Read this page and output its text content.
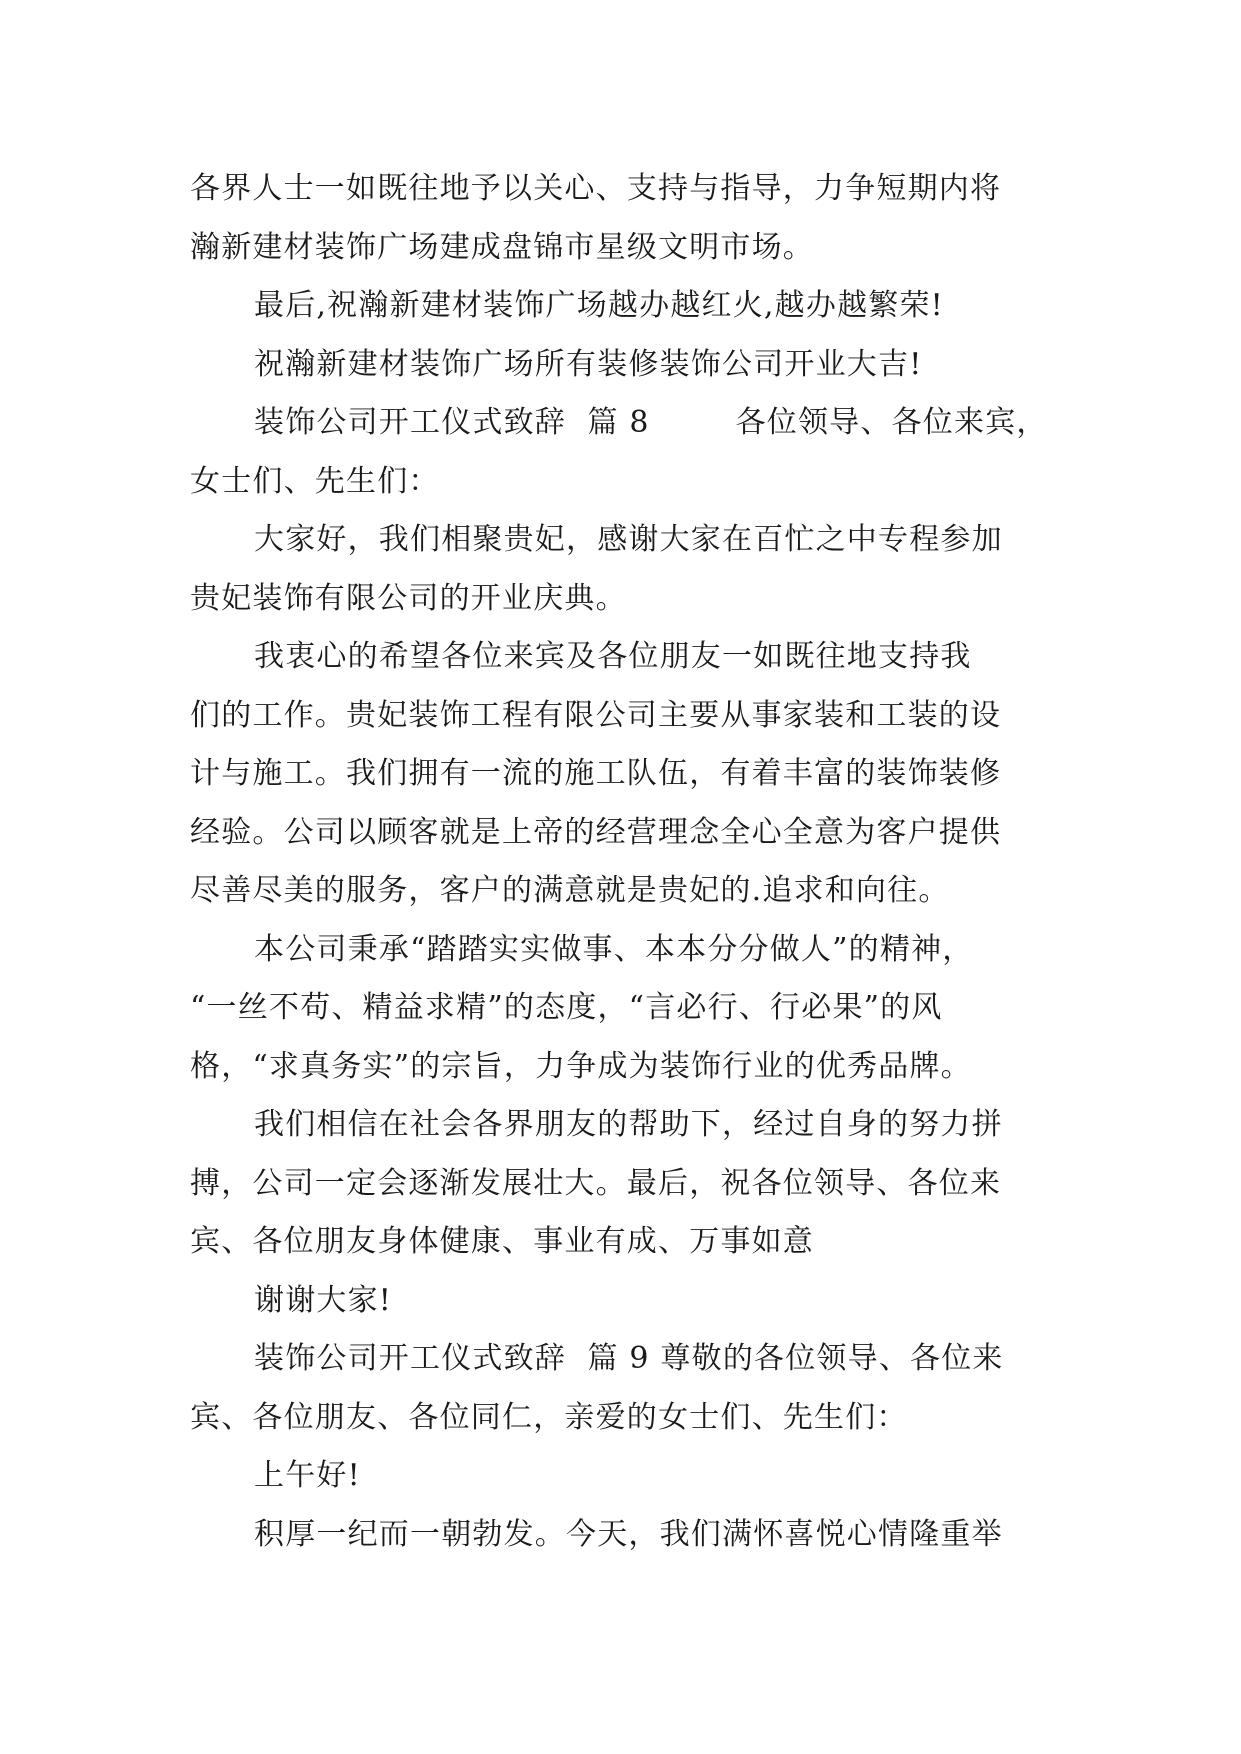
各界人士一如既往地予以关心、支持与指导，力争短期内将
瀚新建材装饰广场建成盘锦市星级文明市场。
最后,祝瀚新建材装饰广场越办越红火,越办越繁荣!
祝瀚新建材装饰广场所有装修装饰公司开业大吉!
装饰公司开工仪式致辞  篇 8        各位领导、各位来宾，
女士们、先生们：
大家好，我们相聚贵妃，感谢大家在百忙之中专程参加
贵妃装饰有限公司的开业庆典。
我衷心的希望各位来宾及各位朋友一如既往地支持我
们的工作。贵妃装饰工程有限公司主要从事家装和工装的设
计与施工。我们拥有一流的施工队伍，有着丰富的装饰装修
经验。公司以顾客就是上帝的经营理念全心全意为客户提供
尽善尽美的服务，客户的满意就是贵妃的.追求和向往。
本公司秉承“踏踏实实做事、本本分分做人”的精神，
“一丝不苟、精益求精”的态度，“言必行、行必果”的风
格，“求真务实”的宗旨，力争成为装饰行业的优秀品牌。
我们相信在社会各界朋友的帮助下，经过自身的努力拼
搏，公司一定会逐渐发展壮大。最后，祝各位领导、各位来
宾、各位朋友身体健康、事业有成、万事如意
谢谢大家!
装饰公司开工仪式致辞  篇 9 尊敬的各位领导、各位来
宾、各位朋友、各位同仁，亲爱的女士们、先生们：
上午好!
积厚一纪而一朝勃发。今天，我们满怀喜悦心情隆重举
